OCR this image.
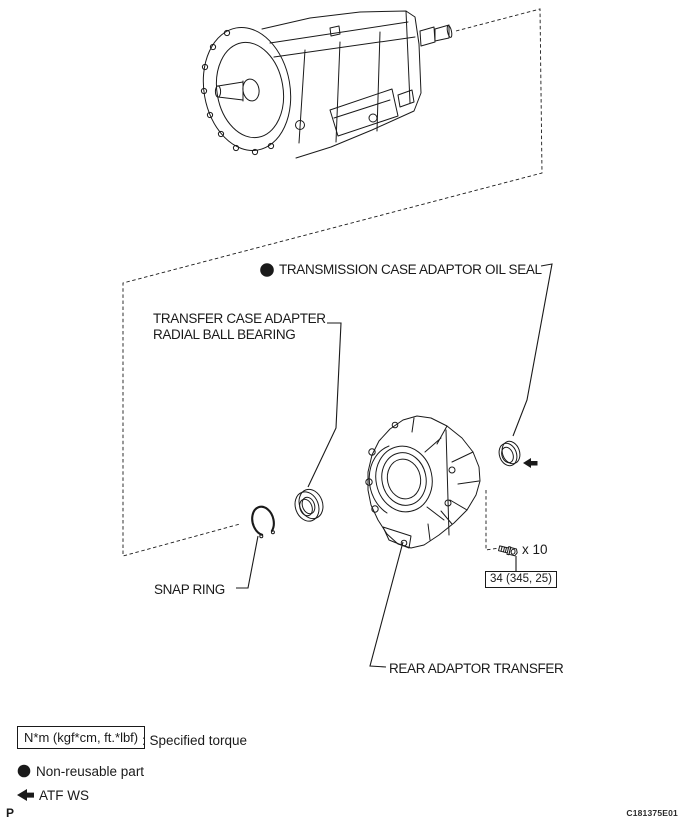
TRANSMISSION CASE ADAPTOR OIL SEAL
TRANSFER CASE ADAPTER
RADIAL BALL BEARING
SNAP RING
REAR ADAPTOR TRANSFER
x 10
34 (345, 25)
N*m (kgf*cm, ft.*lbf) : Specified torque
Non-reusable part
ATF WS
P	C181375E01
